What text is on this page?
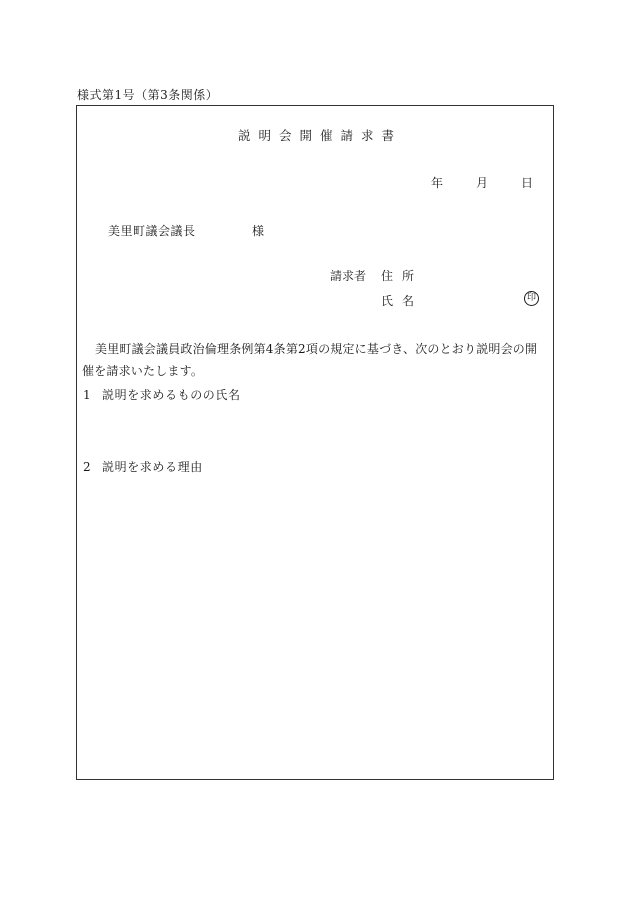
様式第1号（第3条関係）
説明会開催請求書
年	月	日
美里町議会議長	様
請求者 住所
氏名	印
美里町議会議員政治倫理条例第4条第2項の規定に基づき、次のとおり説明会の開催を請求いたします。
1 説明を求めるものの氏名
2 説明を求める理由
